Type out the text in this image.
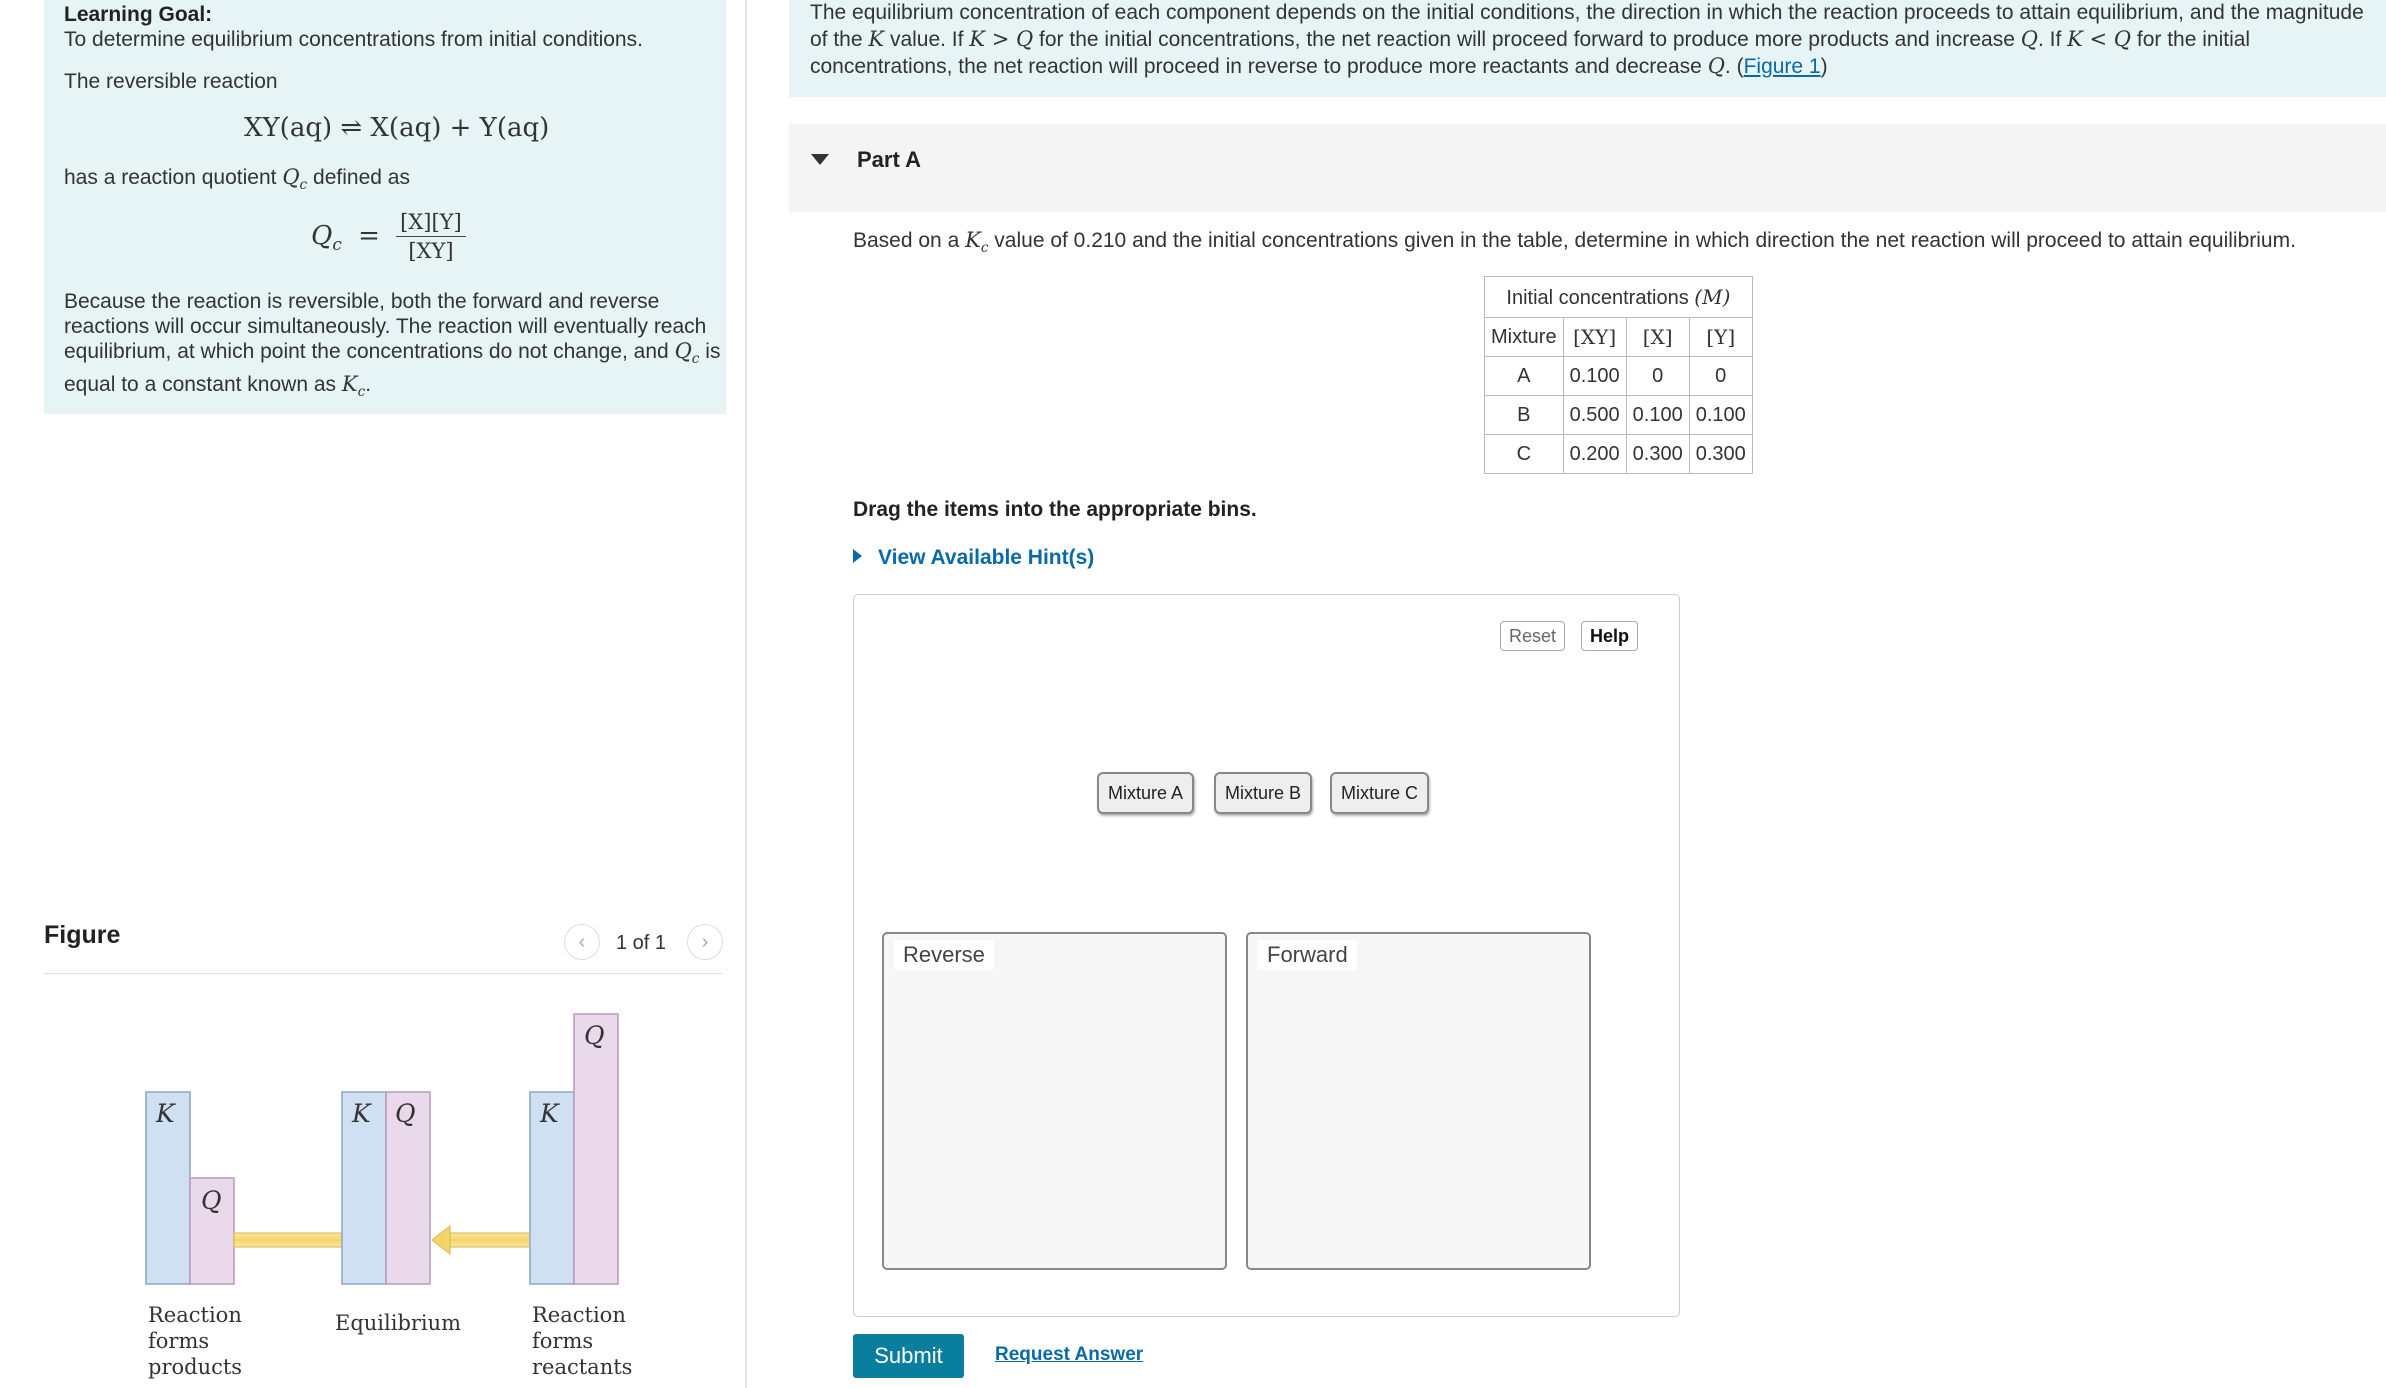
Learning Goal:

To determine equilibrium concentrations from initial conditions.

The reversible reaction

XY(aq) ⇌ X(aq) + Y(aq)

has a reaction quotient $Q_c$ defined as

$Q_c = \frac{[X][Y]}{[XY]}$

Because the reaction is reversible, both the forward and reverse reactions will occur simultaneously. The reaction will eventually reach equilibrium, at which point the concentrations do not change, and $Q_c$ is equal to a constant known as $K_c$.

Figure	‹ 1 of 1 ›
K
Q
K Q	K
Q
Reaction
forms
products
Equilibrium	Reaction
forms
reactants

The equilibrium concentration of each component depends on the initial conditions, the direction in which the reaction proceeds to attain equilibrium, and the magnitude of the K value. If K > Q for the initial concentrations, the net reaction will proceed forward to produce more products and increase Q. If K < Q for the initial concentrations, the net reaction will proceed in reverse to produce more reactants and decrease Q. (Figure 1)

Part A
Based on a $K_c$ value of 0.210 and the initial concentrations given in the table, determine in which direction the net reaction will proceed to attain equilibrium.
Initial concentrations (M)			
Mixture	[XY]	[X]	[Y]
A	0.100	0	0
B	0.500	0.100	0.100
C	0.200	0.300	0.300
Drag the items into the appropriate bins.
View Available Hint(s)
Reset	Help
Mixture A	Mixture B	Mixture C
Reverse	Forward
Submit	Request Answer
